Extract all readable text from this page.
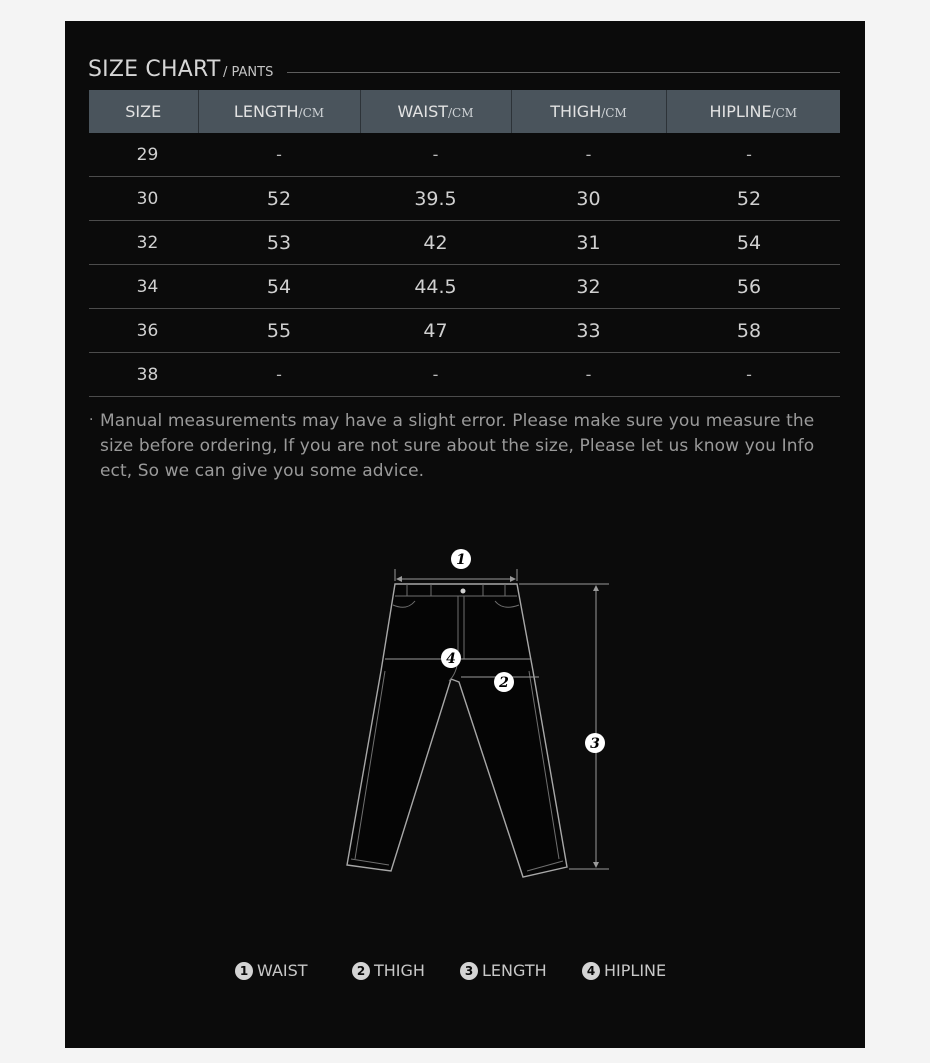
SIZE CHART / PANTS
SIZE	LENGTH/CM	WAIST/CM	THIGH/CM	HIPLINE/CM
29	-	-	-	-
30	52	39.5	30	52
32	53	42	31	54
34	54	44.5	32	56
36	55	47	33	58
38	-	-	-	-
· Manual measurements may have a slight error. Please make sure you measure the size before ordering, If you are not sure about the size, Please let us know you Info ect, So we can give you some advice.
1
2
3
4
1 WAIST	2 THIGH	3 LENGTH	4 HIPLINE
